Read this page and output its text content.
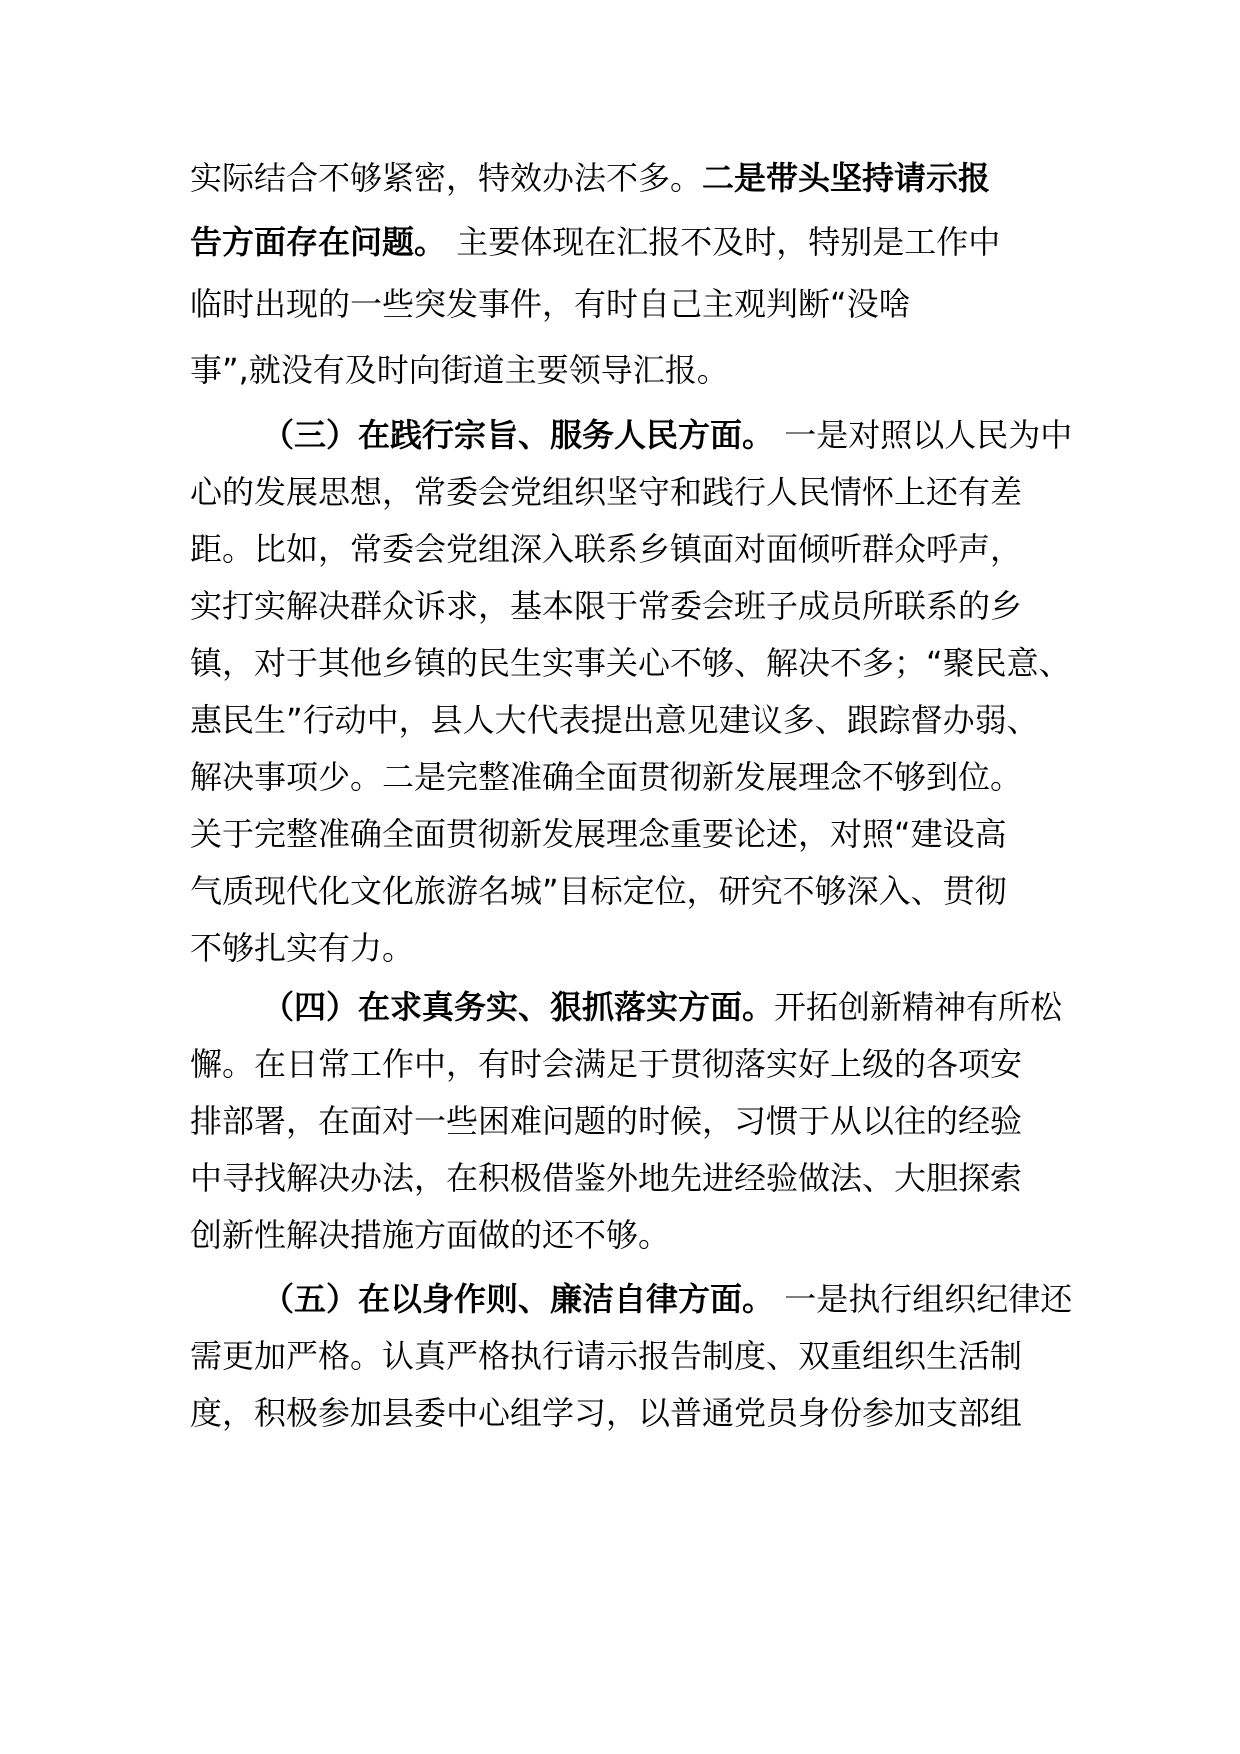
实际结合不够紧密，特效办法不多。二是带头坚持请示报
告方面存在问题。 主要体现在汇报不及时，特别是工作中
临时出现的一些突发事件，有时自己主观判断“没啥
事”,就没有及时向街道主要领导汇报。
（三）在践行宗旨、服务人民方面。 一是对照以人民为中
心的发展思想，常委会党组织坚守和践行人民情怀上还有差
距。比如，常委会党组深入联系乡镇面对面倾听群众呼声，
实打实解决群众诉求，基本限于常委会班子成员所联系的乡
镇，对于其他乡镇的民生实事关心不够、解决不多；“聚民意、
惠民生”行动中，县人大代表提出意见建议多、跟踪督办弱、
解决事项少。二是完整准确全面贯彻新发展理念不够到位。
关于完整准确全面贯彻新发展理念重要论述，对照“建设高
气质现代化文化旅游名城”目标定位，研究不够深入、贯彻
不够扎实有力。
（四）在求真务实、狠抓落实方面。开拓创新精神有所松
懈。在日常工作中，有时会满足于贯彻落实好上级的各项安
排部署，在面对一些困难问题的时候，习惯于从以往的经验
中寻找解决办法，在积极借鉴外地先进经验做法、大胆探索
创新性解决措施方面做的还不够。
（五）在以身作则、廉洁自律方面。 一是执行组织纪律还
需更加严格。认真严格执行请示报告制度、双重组织生活制
度，积极参加县委中心组学习，以普通党员身份参加支部组
